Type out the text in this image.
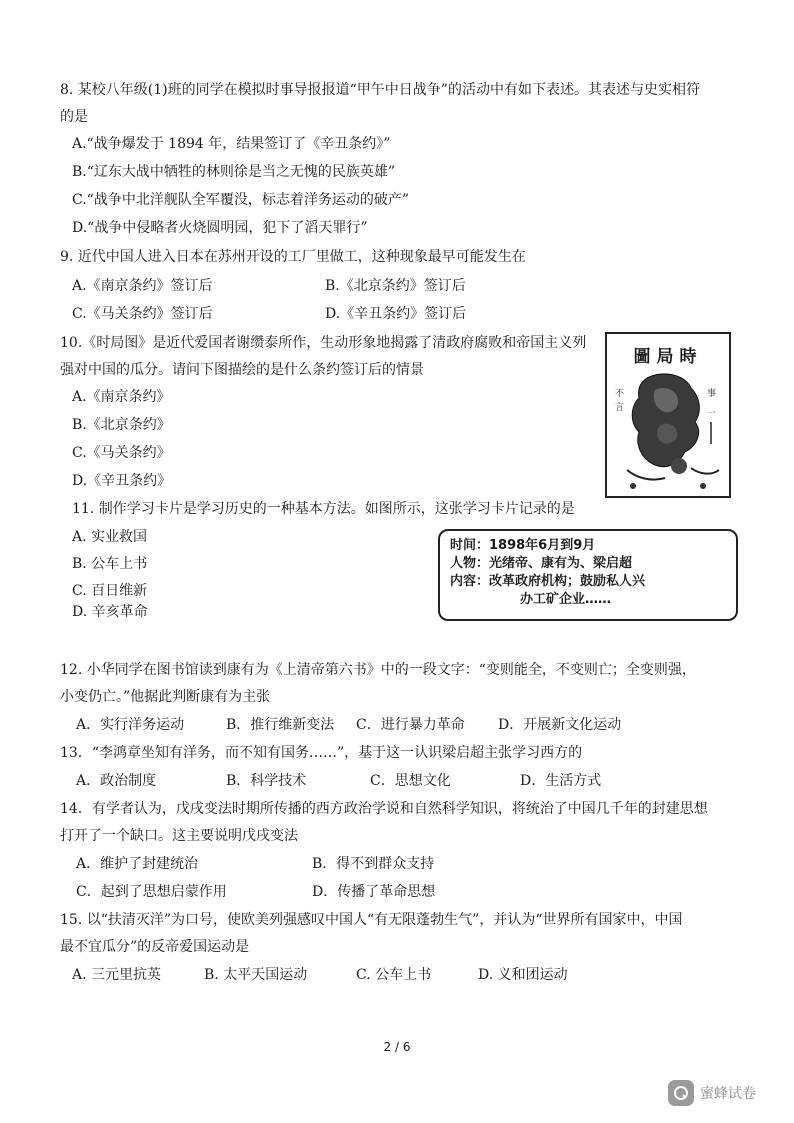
8. 某校八年级(1)班的同学在模拟时事导报报道“甲午中日战争”的活动中有如下表述。其表述与史实相符
的是
A.“战争爆发于 1894 年，结果签订了《辛丑条约》”
B.“辽东大战中牺牲的林则徐是当之无愧的民族英雄”
C.“战争中北洋舰队全军覆没，标志着洋务运动的破产”
D.“战争中侵略者火烧圆明园，犯下了滔天罪行”
9. 近代中国人进入日本在苏州开设的工厂里做工，这种现象最早可能发生在
A.《南京条约》签订后	B.《北京条约》签订后
C.《马关条约》签订后	D.《辛丑条约》签订后
10.《时局图》是近代爱国者谢缵泰所作，生动形象地揭露了清政府腐败和帝国主义列
强对中国的瓜分。请问下图描绘的是什么条约签订后的情景
A.《南京条约》
B.《北京条约》
C.《马关条约》
D.《辛丑条约》
圖局時
不
言
事
一
11. 制作学习卡片是学习历史的一种基本方法。如图所示，这张学习卡片记录的是
A. 实业救国
B. 公车上书
C. 百日维新
D. 辛亥革命
时间：1898年6月到9月
人物：光绪帝、康有为、梁启超
内容：改革政府机构；鼓励私人兴
办工矿企业……
12. 小华同学在图书馆读到康有为《上清帝第六书》中的一段文字：“变则能全，不变则亡；全变则强，
小变仍亡。”他据此判断康有为主张
A．实行洋务运动	B．推行维新变法 C．进行暴力革命 D．开展新文化运动
13．“李鸿章坐知有洋务，而不知有国务……”，基于这一认识梁启超主张学习西方的
A．政治制度	B．科学技术	C．思想文化	D．生活方式
14．有学者认为，戊戌变法时期所传播的西方政治学说和自然科学知识，将统治了中国几千年的封建思想
打开了一个缺口。这主要说明戊戌变法
A．维护了封建统治	B．得不到群众支持
C．起到了思想启蒙作用	D．传播了革命思想
15. 以“扶清灭洋”为口号，使欧美列强感叹中国人“有无限蓬勃生气”，并认为“世界所有国家中，中国
最不宜瓜分”的反帝爱国运动是
A. 三元里抗英	B. 太平天国运动	C. 公车上书	D. 义和团运动
2 / 6
蜜蜂试卷
